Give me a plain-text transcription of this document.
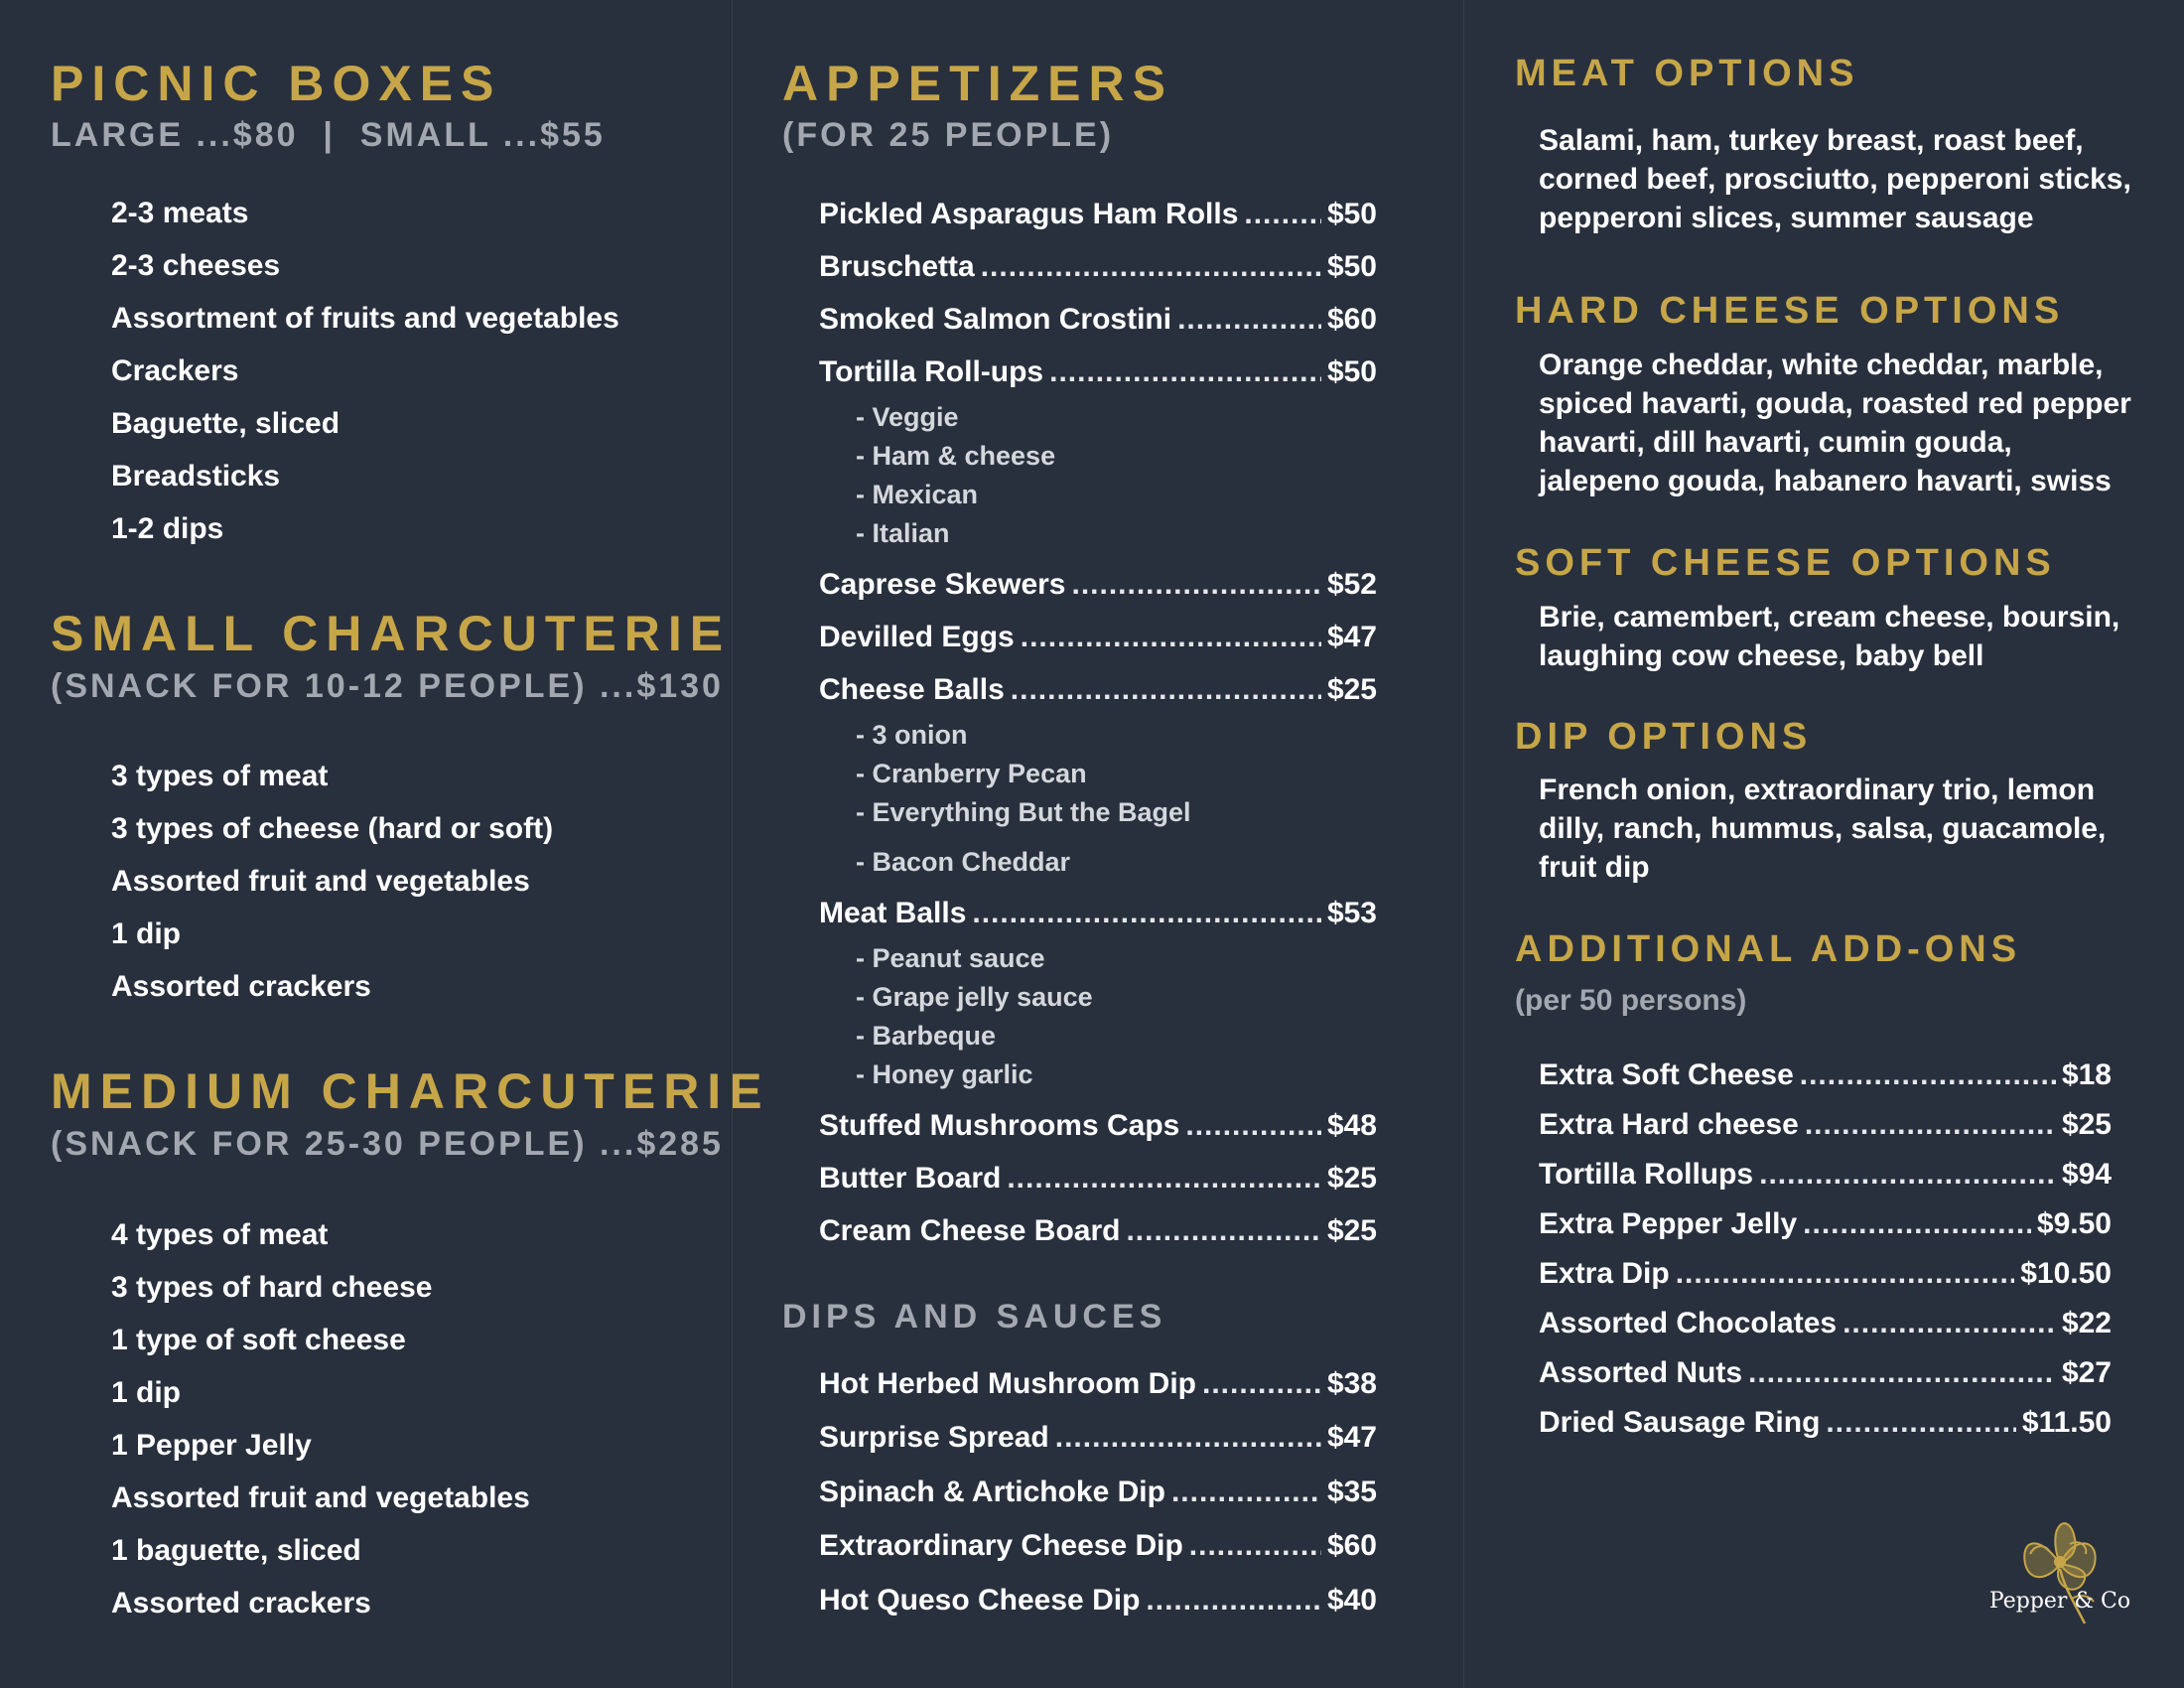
PICNIC BOXES
LARGE ...$80  |  SMALL ...$55
2-3 meats
2-3 cheeses
Assortment of fruits and vegetables
Crackers
Baguette, sliced
Breadsticks
1-2 dips
SMALL CHARCUTERIE
(SNACK FOR 10-12 PEOPLE) ...$130
3 types of meat
3 types of cheese (hard or soft)
Assorted fruit and vegetables
1 dip
Assorted crackers
MEDIUM CHARCUTERIE
(SNACK FOR 25-30 PEOPLE) ...$285
4 types of meat
3 types of hard cheese
1 type of soft cheese
1 dip
1 Pepper Jelly
Assorted fruit and vegetables
1 baguette, sliced
Assorted crackers
APPETIZERS
(FOR 25 PEOPLE)
Pickled Asparagus Ham Rolls .....	$50
Bruschetta .....	$50
Smoked Salmon Crostini .....	$60
Tortilla Roll-ups .....	$50
- Veggie
- Ham & cheese
- Mexican
- Italian
Caprese Skewers .....	$52
Devilled Eggs .....	$47
Cheese Balls .....	$25
- 3 onion
- Cranberry Pecan
- Everything But the Bagel
- Bacon Cheddar
Meat Balls .....	$53
- Peanut sauce
- Grape jelly sauce
- Barbeque
- Honey garlic
Stuffed Mushrooms Caps .....	$48
Butter Board .....	$25
Cream Cheese Board .....	$25
DIPS AND SAUCES
Hot Herbed Mushroom Dip .....	$38
Surprise Spread .....	$47
Spinach & Artichoke Dip .....	$35
Extraordinary Cheese Dip .....	$60
Hot Queso Cheese Dip .....	$40
MEAT OPTIONS
Salami, ham, turkey breast, roast beef, corned beef, prosciutto, pepperoni sticks, pepperoni slices, summer sausage
HARD CHEESE OPTIONS
Orange cheddar, white cheddar, marble, spiced havarti, gouda, roasted red pepper havarti, dill havarti, cumin gouda, jalepeno gouda, habanero havarti, swiss
SOFT CHEESE OPTIONS
Brie, camembert, cream cheese, boursin, laughing cow cheese, baby bell
DIP OPTIONS
French onion, extraordinary trio, lemon dilly, ranch, hummus, salsa, guacamole, fruit dip
ADDITIONAL ADD-ONS
(per 50 persons)
Extra Soft Cheese .....	$18
Extra Hard cheese .....	$25
Tortilla Rollups .....	$94
Extra Pepper Jelly .....	$9.50
Extra Dip .....	$10.50
Assorted Chocolates .....	$22
Assorted Nuts .....	$27
Dried Sausage Ring .....	$11.50
Pepper & Co
